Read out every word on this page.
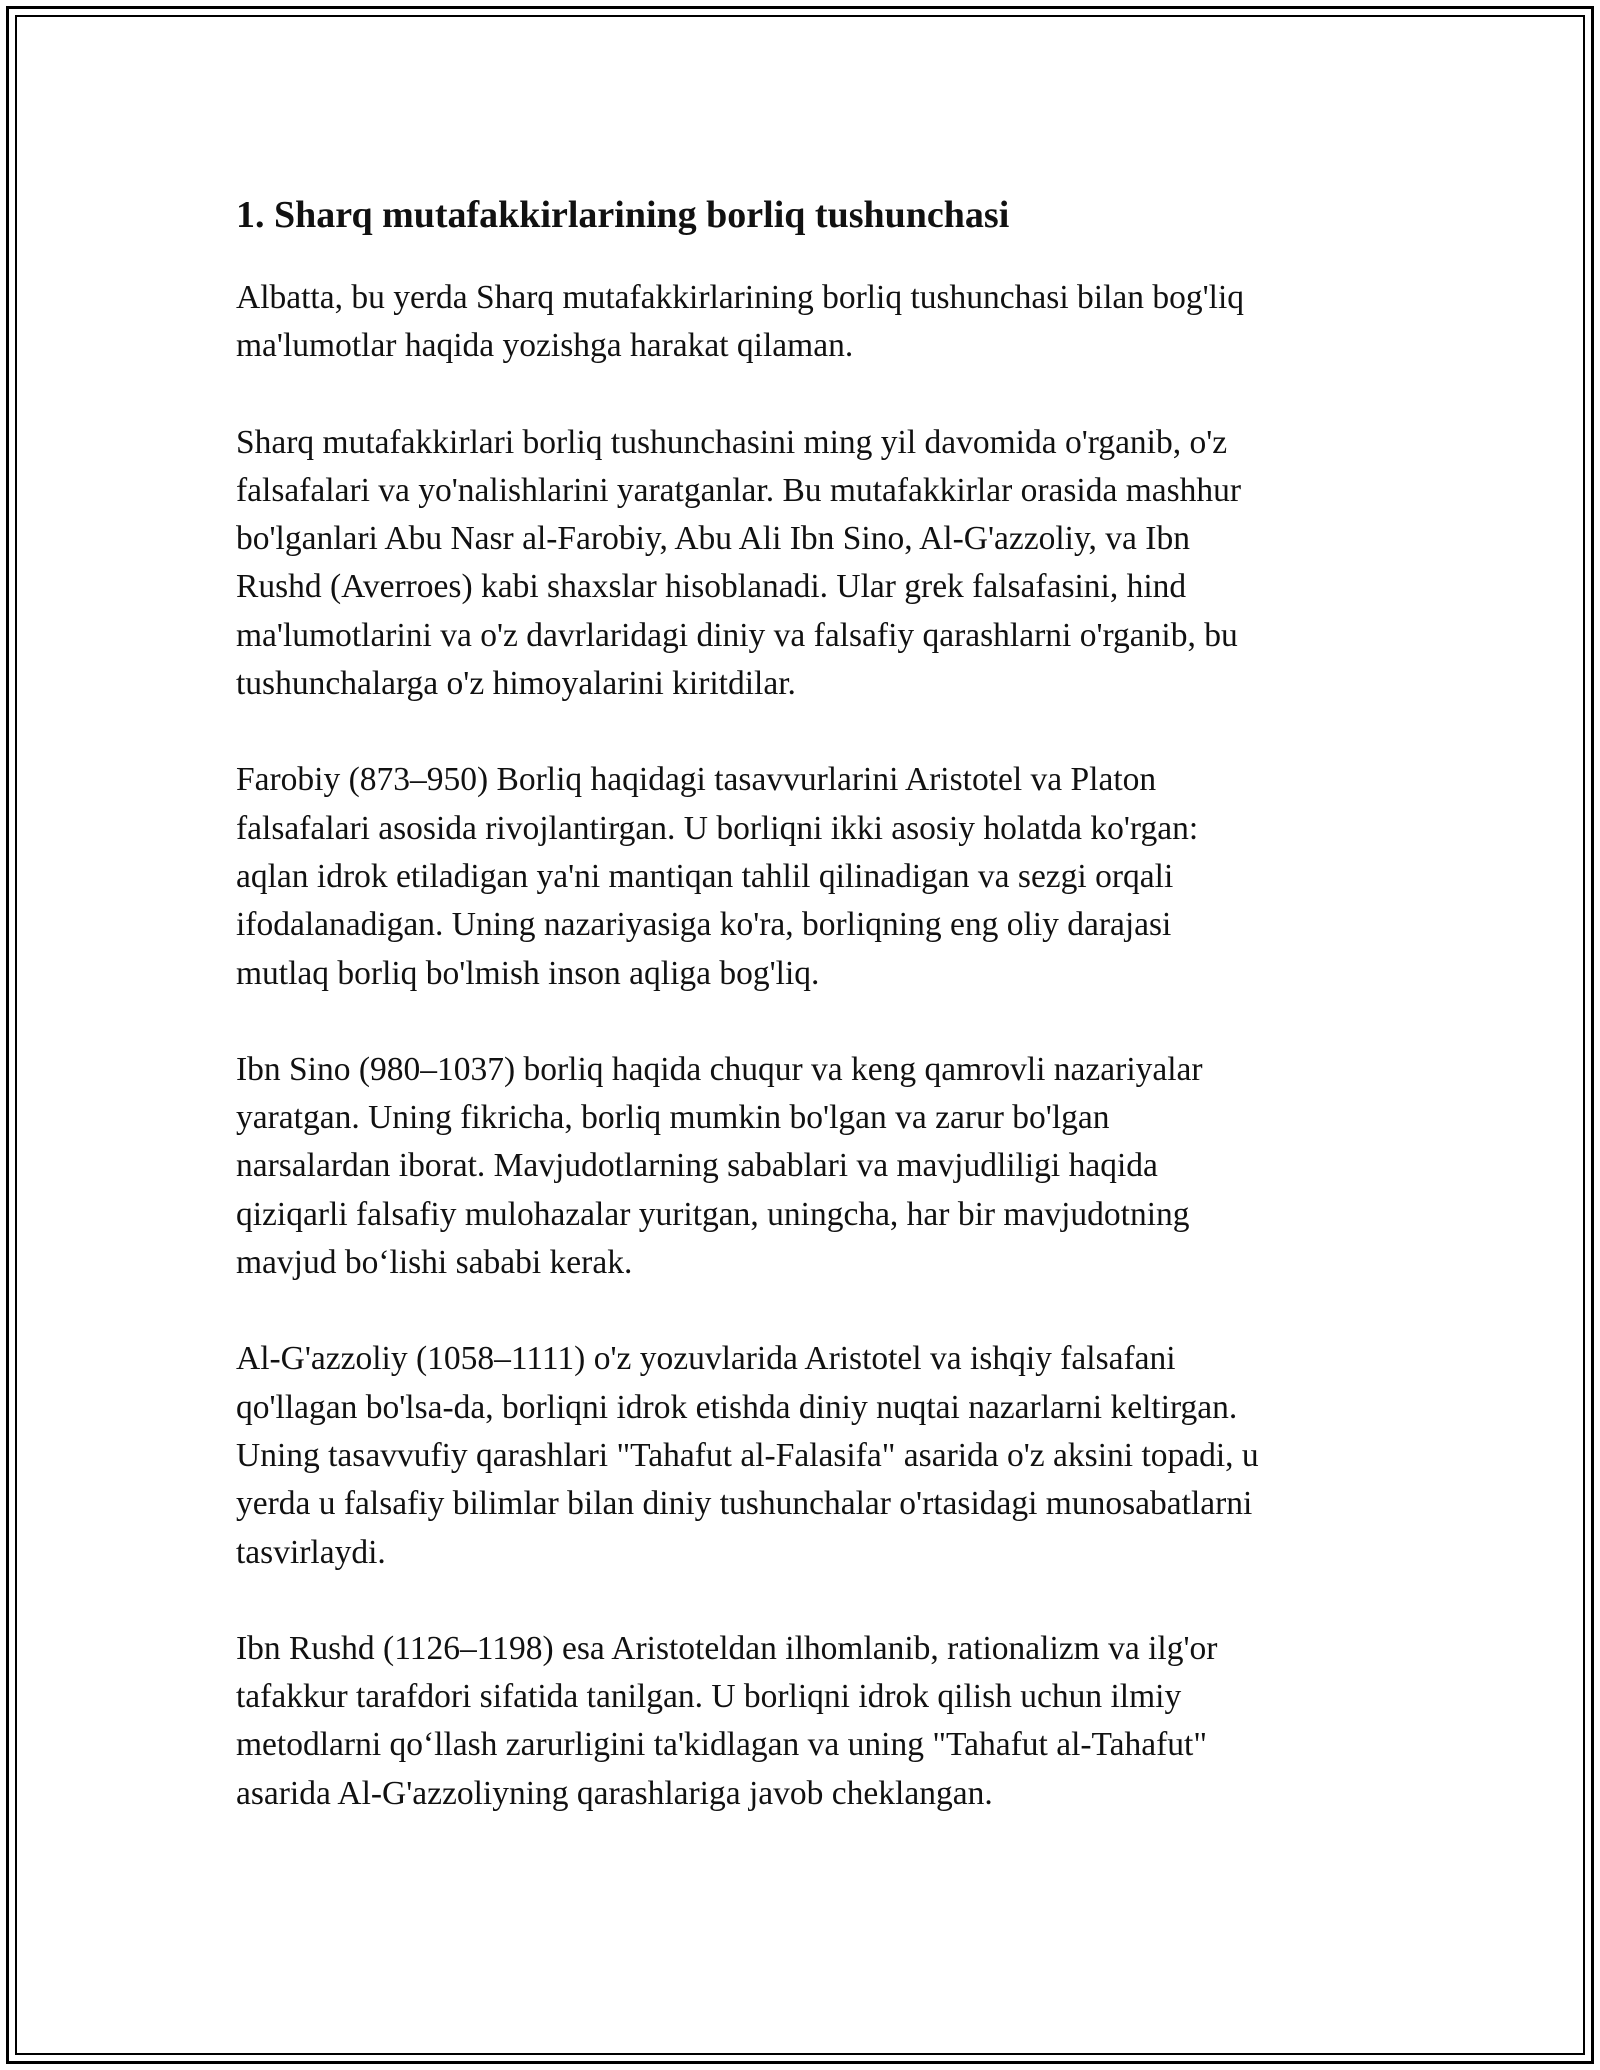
1. Sharq mutafakkirlarining borliq tushunchasi

Albatta, bu yerda Sharq mutafakkirlarining borliq tushunchasi bilan bog'liq
ma'lumotlar haqida yozishga harakat qilaman.

Sharq mutafakkirlari borliq tushunchasini ming yil davomida o'rganib, o'z
falsafalari va yo'nalishlarini yaratganlar. Bu mutafakkirlar orasida mashhur
bo'lganlari Abu Nasr al-Farobiy, Abu Ali Ibn Sino, Al-G'azzoliy, va Ibn
Rushd (Averroes) kabi shaxslar hisoblanadi. Ular grek falsafasini, hind
ma'lumotlarini va o'z davrlaridagi diniy va falsafiy qarashlarni o'rganib, bu
tushunchalarga o'z himoyalarini kiritdilar.

Farobiy (873–950) Borliq haqidagi tasavvurlarini Aristotel va Platon
falsafalari asosida rivojlantirgan. U borliqni ikki asosiy holatda ko'rgan:
aqlan idrok etiladigan ya'ni mantiqan tahlil qilinadigan va sezgi orqali
ifodalanadigan. Uning nazariyasiga ko'ra, borliqning eng oliy darajasi
mutlaq borliq bo'lmish inson aqliga bog'liq.

Ibn Sino (980–1037) borliq haqida chuqur va keng qamrovli nazariyalar
yaratgan. Uning fikricha, borliq mumkin bo'lgan va zarur bo'lgan
narsalardan iborat. Mavjudotlarning sabablari va mavjudliligi haqida
qiziqarli falsafiy mulohazalar yuritgan, uningcha, har bir mavjudotning
mavjud bo‘lishi sababi kerak.

Al-G'azzoliy (1058–1111) o'z yozuvlarida Aristotel va ishqiy falsafani
qo'llagan bo'lsa-da, borliqni idrok etishda diniy nuqtai nazarlarni keltirgan.
Uning tasavvufiy qarashlari "Tahafut al-Falasifa" asarida o'z aksini topadi, u
yerda u falsafiy bilimlar bilan diniy tushunchalar o'rtasidagi munosabatlarni
tasvirlaydi.

Ibn Rushd (1126–1198) esa Aristoteldan ilhomlanib, rationalizm va ilg'or
tafakkur tarafdori sifatida tanilgan. U borliqni idrok qilish uchun ilmiy
metodlarni qo‘llash zarurligini ta'kidlagan va uning "Tahafut al-Tahafut"
asarida Al-G'azzoliyning qarashlariga javob cheklangan.
